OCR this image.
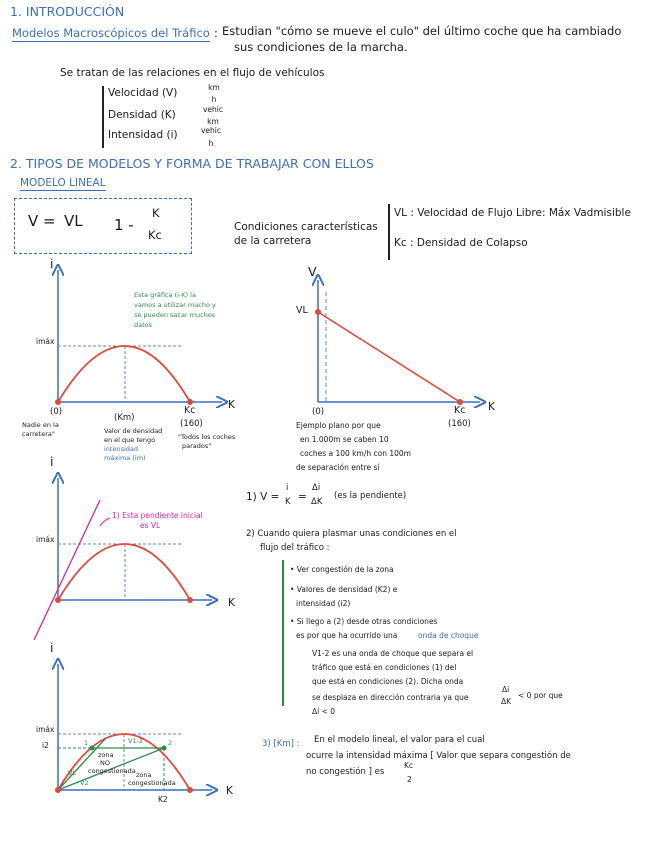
1. INTRODUCCIÓN
Modelos Macroscópicos del Tráfico : Estudian "cómo se mueve el culo" del último coche que ha cambiado
sus condiciones de la marcha.
Se tratan de las relaciones en el flujo de vehículos
Velocidad (V)	km
h
Densidad (K)	vehic
km
Intensidad (i)	vehic
h
2. TIPOS DE MODELOS Y FORMA DE TRABAJAR CON ELLOS
MODELO LINEAL
V = VL 1 -
K
Kc
Condiciones características
de la carretera
VL : Velocidad de Flujo Libre: Máx Vadmisible
Kc : Densidad de Colapso
i
K
imáx
(0)
(Km)
Kc
(160)
Esta gráfica (i-K) la
vamos a utilizar mucho y
se pueden sacar muchos
datos
Nadie en la
carretera"	Valor de densidad
en el que tengo
intensidad
máxima (im)
"Todos los coches
parados"
V
K
VL
(0)	Kc
(160)
Ejemplo plano por que
en 1.000m se caben 10
coches a 100 km/h con 100m
de separación entre sí
i
K
imáx
1) Esta pendiente inicial
es VL
i
K
imáx
i2
K2
VL
V2
V1-2
1	2
zona
NO
congestionada zona
congestionada
1) V =
i
K =
Δi
ΔK
(es la pendiente)
2) Cuando quiera plasmar unas condiciones en el
flujo del tráfico :
• Ver congestión de la zona
• Valores de densidad (K2) e
intensidad (i2)
• Si llego a (2) desde otras condiciones
es por que ha ocurrido una	onda de choque
V1-2 es una onda de choque que separa el
tráfico que está en condiciones (1) del
que está en condiciones (2). Dicha onda
se desplaza en dirección contraria ya que
Δi
ΔK
< 0 por que
Δi < 0
3) [Km] : En el modelo lineal, el valor para el cual
ocurre la intensidad máxima [ Valor que separa congestión de
no congestión ] es
Kc
2
